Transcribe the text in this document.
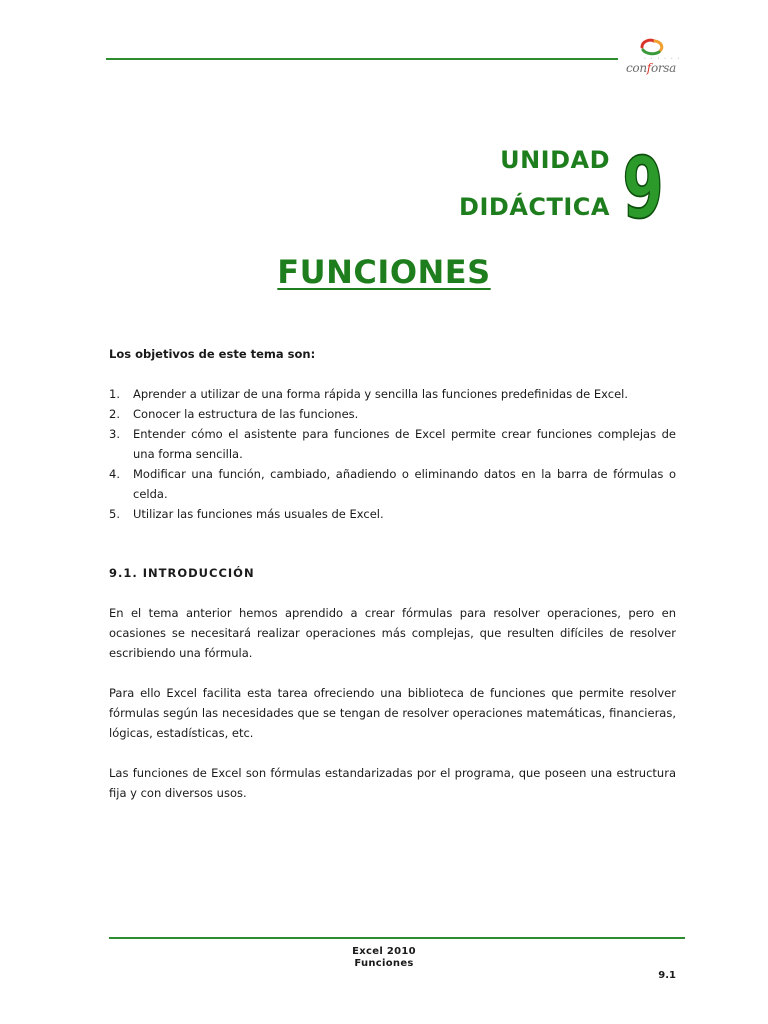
• • • • • •
conforsa
UNIDAD
DIDÁCTICA 9
FUNCIONES

Los objetivos de este tema son:

1. Aprender a utilizar de una forma rápida y sencilla las funciones predefinidas de Excel.
2. Conocer la estructura de las funciones.
3. Entender cómo el asistente para funciones de Excel permite crear funciones complejas de una forma sencilla.
4. Modificar una función, cambiado, añadiendo o eliminando datos en la barra de fórmulas o celda.
5. Utilizar las funciones más usuales de Excel.

9.1. INTRODUCCIÓN

En el tema anterior hemos aprendido a crear fórmulas para resolver operaciones, pero en ocasiones se necesitará realizar operaciones más complejas, que resulten difíciles de resolver escribiendo una fórmula.

Para ello Excel facilita esta tarea ofreciendo una biblioteca de funciones que permite resolver fórmulas según las necesidades que se tengan de resolver operaciones matemáticas, financieras, lógicas, estadísticas, etc.

Las funciones de Excel son fórmulas estandarizadas por el programa, que poseen una estructura fija y con diversos usos.

Excel 2010
Funciones
9.1
